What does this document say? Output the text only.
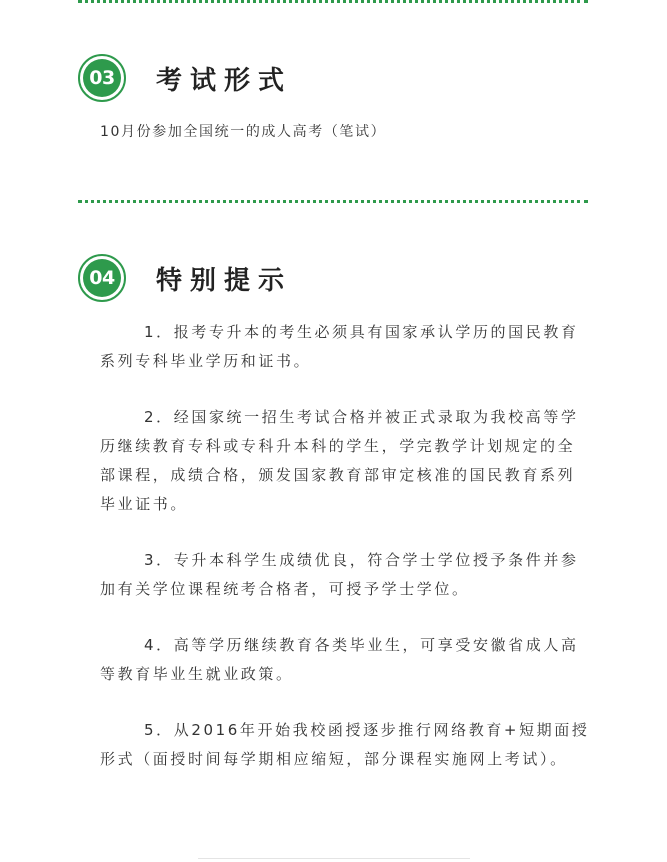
03 考试形式
10月份参加全国统一的成人高考（笔试）
04 特别提示

1．报考专升本的考生必须具有国家承认学历的国民教育系列专科毕业学历和证书。

2．经国家统一招生考试合格并被正式录取为我校高等学历继续教育专科或专科升本科的学生，学完教学计划规定的全部课程，成绩合格，颁发国家教育部审定核准的国民教育系列毕业证书。

3．专升本科学生成绩优良，符合学士学位授予条件并参加有关学位课程统考合格者，可授予学士学位。

4．高等学历继续教育各类毕业生，可享受安徽省成人高等教育毕业生就业政策。

5．从2016年开始我校函授逐步推行网络教育+短期面授形式（面授时间每学期相应缩短，部分课程实施网上考试）。
